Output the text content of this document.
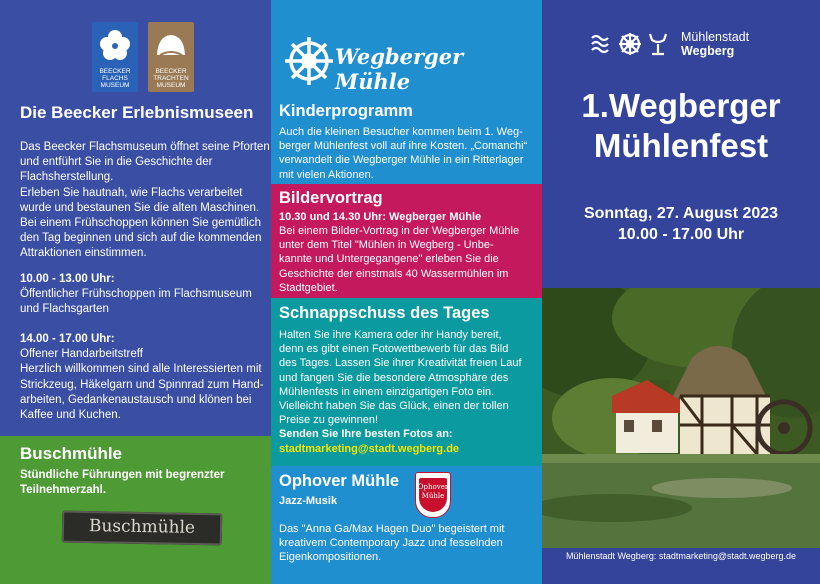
BEECKER FLACHS MUSEUM
BEECKER TRACHTEN MUSEUM
Die Beecker Erlebnismuseen
Das Beecker Flachsmuseum öffnet seine Pforten
und entführt Sie in die Geschichte der
Flachsherstellung.
Erleben Sie hautnah, wie Flachs verarbeitet
wurde und bestaunen Sie die alten Maschinen.
Bei einem Frühschoppen können Sie gemütlich
den Tag beginnen und sich auf die kommenden
Attraktionen einstimmen.
10.00 - 13.00 Uhr:
Öffentlicher Frühschoppen im Flachsmuseum
und Flachsgarten
14.00 - 17.00 Uhr:
Offener Handarbeitstreff
Herzlich willkommen sind alle Interessierten mit
Strickzeug, Häkelgarn und Spinnrad zum Hand-
arbeiten, Gedankenaustausch und klönen bei
Kaffee und Kuchen.
Buschmühle
Stündliche Führungen mit begrenzter
Teilnehmerzahl.
Buschmühle
Wegberger Mühle
Kinderprogramm
Auch die kleinen Besucher kommen beim 1. Weg-
berger Mühlenfest voll auf ihre Kosten. „Comanchi“
verwandelt die Wegberger Mühle in ein Ritterlager
mit vielen Aktionen.
Bildervortrag
10.30 und 14.30 Uhr: Wegberger Mühle
Bei einem Bilder-Vortrag in der Wegberger Mühle
unter dem Titel "Mühlen in Wegberg - Unbe-
kannte und Untergegangene" erleben Sie die
Geschichte der einstmals 40 Wassermühlen im
Stadtgebiet.
Schnappschuss des Tages
Halten Sie ihre Kamera oder ihr Handy bereit,
denn es gibt einen Fotowettbewerb für das Bild
des Tages. Lassen Sie ihrer Kreativität freien Lauf
und fangen Sie die besondere Atmosphäre des
Mühlenfests in einem einzigartigen Foto ein.
Vielleicht haben Sie das Glück, einen der tollen
Preise zu gewinnen!
Senden Sie Ihre besten Fotos an:
stadtmarketing@stadt.wegberg.de
Ophover Mühle
Jazz-Musik
Ophover
Mühle
Das "Anna Ga/Max Hagen Duo" begeistert mit
kreativem Contemporary Jazz und fesselnden
Eigenkompositionen.
Mühlenstadt
Wegberg
1.Wegberger
Mühlenfest
Sonntag, 27. August 2023
10.00 - 17.00 Uhr
Mühlenstadt Wegberg: stadtmarketing@stadt.wegberg.de
